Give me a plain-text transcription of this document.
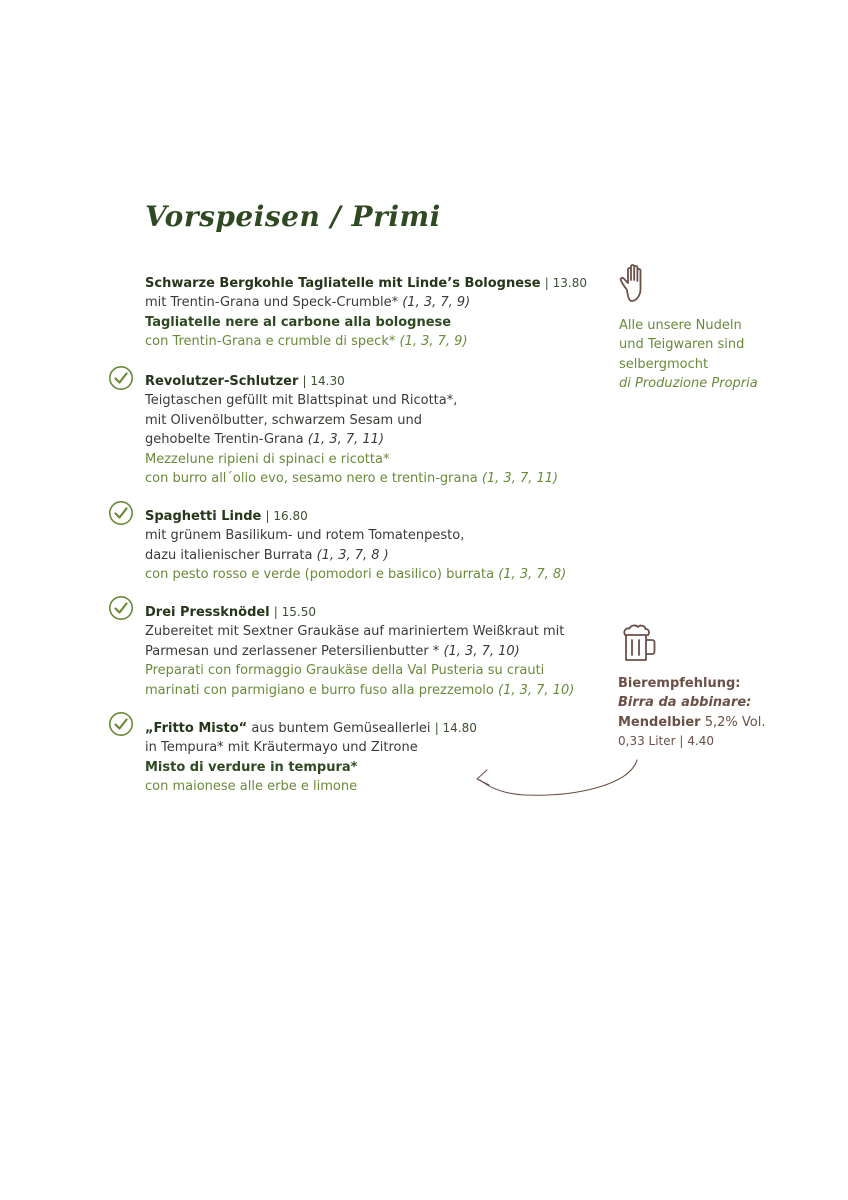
Vorspeisen / Primi
Schwarze Bergkohle Tagliatelle mit Linde’s Bolognese | 13.80
mit Trentin-Grana und Speck-Crumble* (1, 3, 7, 9)
Tagliatelle nere al carbone alla bolognese
con Trentin-Grana e crumble di speck* (1, 3, 7, 9)
Revolutzer-Schlutzer | 14.30
Teigtaschen gefüllt mit Blattspinat und Ricotta*,
mit Olivenölbutter, schwarzem Sesam und
gehobelte Trentin-Grana (1, 3, 7, 11)
Mezzelune ripieni di spinaci e ricotta*
con burro all´olio evo, sesamo nero e trentin-grana (1, 3, 7, 11)
Spaghetti Linde | 16.80
mit grünem Basilikum- und rotem Tomatenpesto,
dazu italienischer Burrata (1, 3, 7, 8 )
con pesto rosso e verde (pomodori e basilico) burrata (1, 3, 7, 8)
Drei Pressknödel | 15.50
Zubereitet mit Sextner Graukäse auf mariniertem Weißkraut mit
Parmesan und zerlassener Petersilienbutter * (1, 3, 7, 10)
Preparati con formaggio Graukäse della Val Pusteria su crauti
marinati con parmigiano e burro fuso alla prezzemolo (1, 3, 7, 10)
„Fritto Misto“ aus buntem Gemüseallerlei | 14.80
in Tempura* mit Kräutermayo und Zitrone
Misto di verdure in tempura*
con maionese alle erbe e limone
Alle unsere Nudeln
und Teigwaren sind
selbergmocht
di Produzione Propria
Bierempfehlung:
Birra da abbinare:
Mendelbier 5,2% Vol.
0,33 Liter | 4.40
